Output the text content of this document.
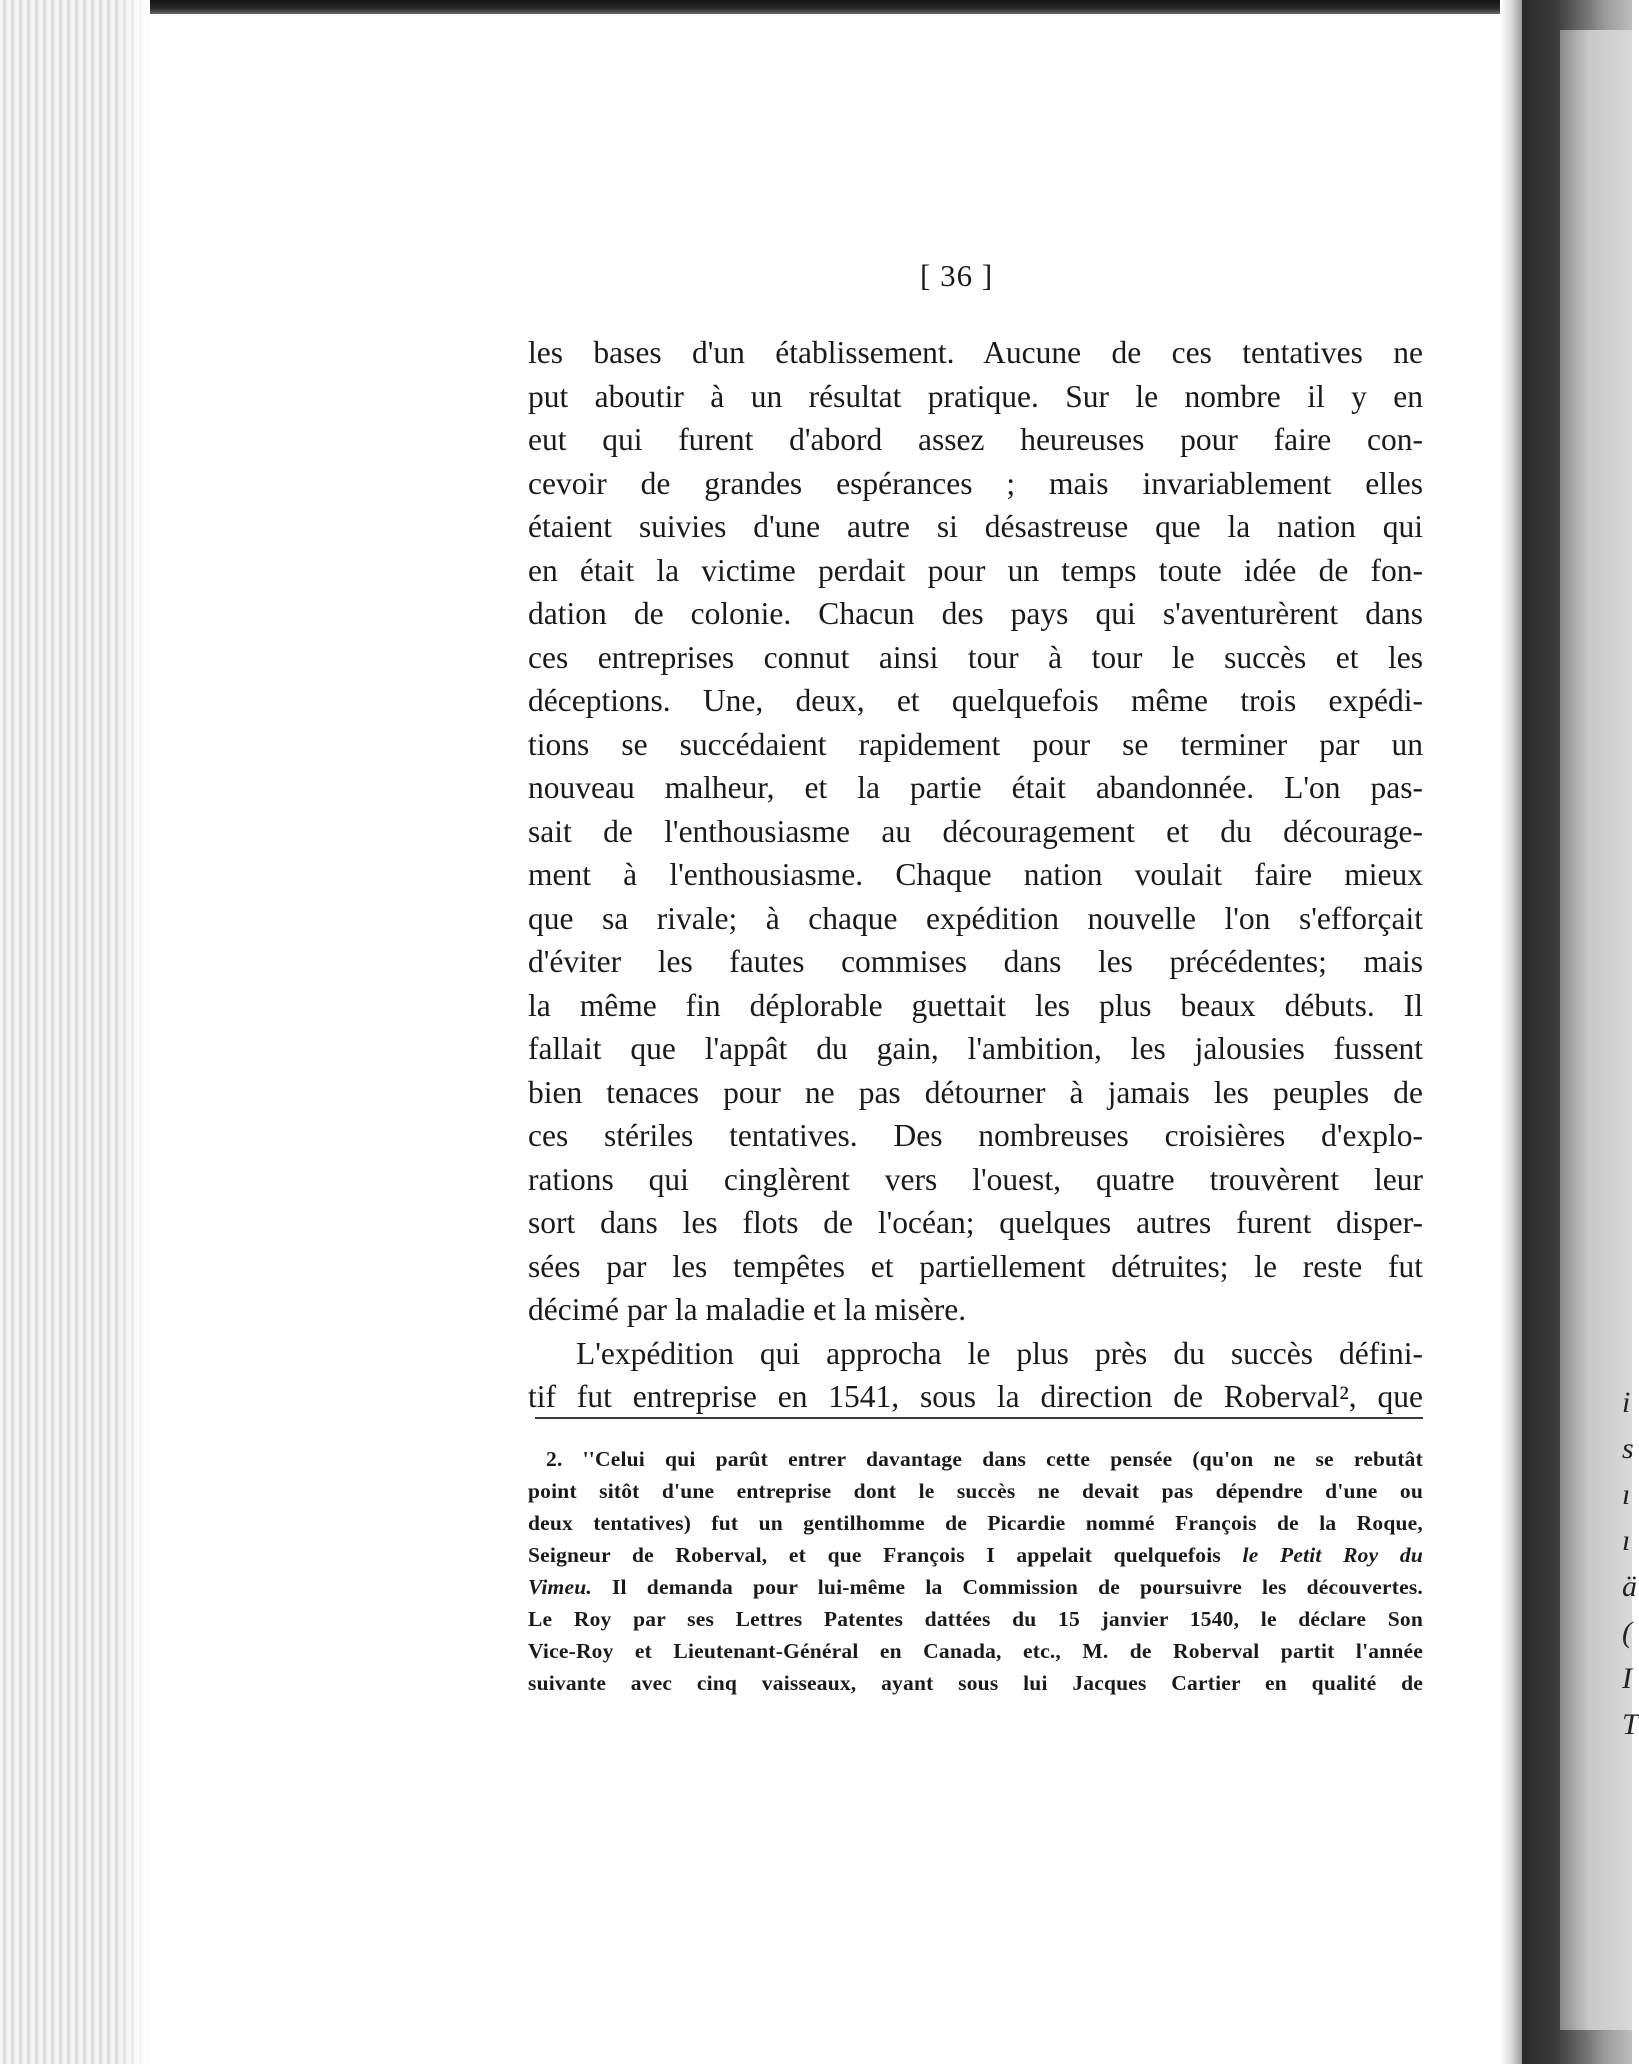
i
s
ı
ı
ä
(
I
T
[ 36 ]
les bases d'un établissement. Aucune de ces tentatives ne
put aboutir à un résultat pratique. Sur le nombre il y en
eut qui furent d'abord assez heureuses pour faire con-
cevoir de grandes espérances ; mais invariablement elles
étaient suivies d'une autre si désastreuse que la nation qui
en était la victime perdait pour un temps toute idée de fon-
dation de colonie. Chacun des pays qui s'aventurèrent dans
ces entreprises connut ainsi tour à tour le succès et les
déceptions. Une, deux, et quelquefois même trois expédi-
tions se succédaient rapidement pour se terminer par un
nouveau malheur, et la partie était abandonnée. L'on pas-
sait de l'enthousiasme au découragement et du décourage-
ment à l'enthousiasme. Chaque nation voulait faire mieux
que sa rivale; à chaque expédition nouvelle l'on s'efforçait
d'éviter les fautes commises dans les précédentes; mais
la même fin déplorable guettait les plus beaux débuts. Il
fallait que l'appât du gain, l'ambition, les jalousies fussent
bien tenaces pour ne pas détourner à jamais les peuples de
ces stériles tentatives. Des nombreuses croisières d'explo-
rations qui cinglèrent vers l'ouest, quatre trouvèrent leur
sort dans les flots de l'océan; quelques autres furent disper-
sées par les tempêtes et partiellement détruites; le reste fut
décimé par la maladie et la misère.
L'expédition qui approcha le plus près du succès défini-
tif fut entreprise en 1541, sous la direction de Roberval², que
2. ''Celui qui parût entrer davantage dans cette pensée (qu'on ne se rebutât
point sitôt d'une entreprise dont le succès ne devait pas dépendre d'une ou
deux tentatives) fut un gentilhomme de Picardie nommé François de la Roque,
Seigneur de Roberval, et que François I appelait quelquefois le Petit Roy du
Vimeu. Il demanda pour lui-même la Commission de poursuivre les découvertes.
Le Roy par ses Lettres Patentes dattées du 15 janvier 1540, le déclare Son
Vice-Roy et Lieutenant-Général en Canada, etc., M. de Roberval partit l'année
suivante avec cinq vaisseaux, ayant sous lui Jacques Cartier en qualité de
